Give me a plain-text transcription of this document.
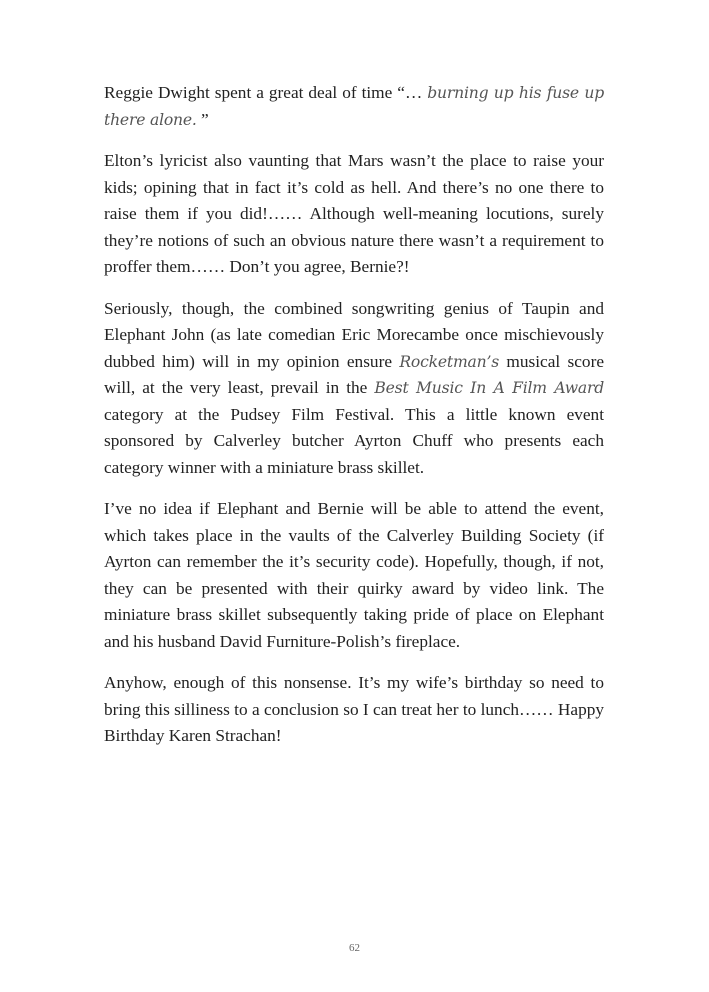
Reggie Dwight spent a great deal of time “… burning up his fuse up there alone. ”

Elton’s lyricist also vaunting that Mars wasn’t the place to raise your kids; opining that in fact it’s cold as hell. And there’s no one there to raise them if you did!…… Although well-meaning locutions, surely they’re notions of such an obvious nature there wasn’t a requirement to proffer them…… Don’t you agree, Bernie?!

Seriously, though, the combined songwriting genius of Taupin and Elephant John (as late comedian Eric Morecambe once mischievously dubbed him) will in my opinion ensure Rocketman’s musical score will, at the very least, prevail in the Best Music In A Film Award category at the Pudsey Film Festival. This a little known event sponsored by Calverley butcher Ayrton Chuff who presents each category winner with a miniature brass skillet.

I’ve no idea if Elephant and Bernie will be able to attend the event, which takes place in the vaults of the Calverley Building Society (if Ayrton can remember the it’s security code). Hopefully, though, if not, they can be presented with their quirky award by video link. The miniature brass skillet subsequently taking pride of place on Elephant and his husband David Furniture-Polish’s fireplace.

Anyhow, enough of this nonsense. It’s my wife’s birthday so need to bring this silliness to a conclusion so I can treat her to lunch…… Happy Birthday Karen Strachan!

62
